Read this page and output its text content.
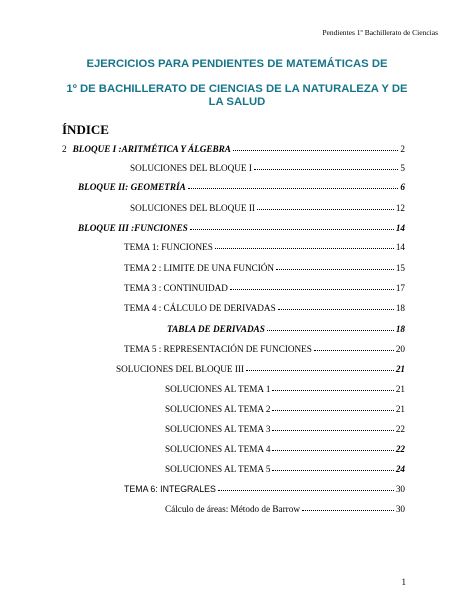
Pendientes 1º Bachillerato de Ciencias
EJERCICIOS PARA PENDIENTES DE MATEMÁTICAS DE
1º DE BACHILLERATO DE CIENCIAS DE LA NATURALEZA Y DE
LA SALUD
ÍNDICE
2 BLOQUE I :ARITMÉTICA Y ÁLGEBRA	2
SOLUCIONES DEL BLOQUE I	5
BLOQUE II: GEOMETRÍA	6
SOLUCIONES DEL BLOQUE II	12
BLOQUE III :FUNCIONES	14
TEMA 1: FUNCIONES	14
TEMA 2 : LIMITE DE UNA FUNCIÓN	15
TEMA 3 : CONTINUIDAD	17
TEMA 4 : CÁLCULO DE DERIVADAS	18
TABLA DE DERIVADAS	18
TEMA 5 : REPRESENTACIÓN DE FUNCIONES	20
SOLUCIONES DEL BLOQUE III	21
SOLUCIONES AL TEMA 1	21
SOLUCIONES AL TEMA 2	21
SOLUCIONES AL TEMA 3	22
SOLUCIONES AL TEMA 4	22
SOLUCIONES AL TEMA 5	24
TEMA 6: INTEGRALES	30
Cálculo de áreas: Método de Barrow	30
1
